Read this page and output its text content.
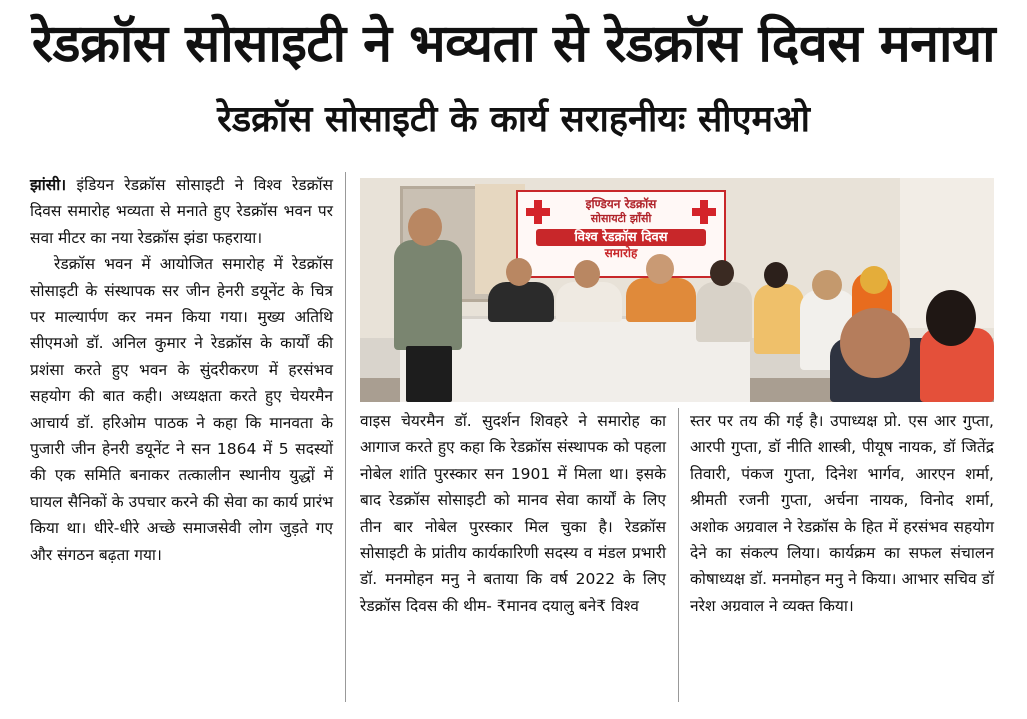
रेडक्रॉस सोसाइटी ने भव्यता से रेडक्रॉस दिवस मनाया
रेडक्रॉस सोसाइटी के कार्य सराहनीयः सीएमओ

झांसी। इंडियन रेडक्रॉस सोसाइटी ने विश्व रेडक्रॉस दिवस समारोह भव्यता से मनाते हुए रेडक्रॉस भवन पर सवा मीटर का नया रेडक्रॉस झंडा फहराया।

रेडक्रॉस भवन में आयोजित समारोह में रेडक्रॉस सोसाइटी के संस्थापक सर जीन हेनरी डयूनेंट के चित्र पर माल्यार्पण कर नमन किया गया। मुख्य अतिथि सीएमओ डॉ. अनिल कुमार ने रेडक्रॉस के कार्यों की प्रशंसा करते हुए भवन के सुंदरीकरण में हरसंभव सहयोग की बात कही। अध्यक्षता करते हुए चेयरमैन आचार्य डॉ. हरिओम पाठक ने कहा कि मानवता के पुजारी जीन हेनरी डयूनेंट ने सन 1864 में 5 सदस्यों की एक समिति बनाकर तत्कालीन स्थानीय युद्धों में घायल सैनिकों के उपचार करने की सेवा का कार्य प्रारंभ किया था। धीरे-धीरे अच्छे समाजसेवी लोग जुड़ते गए और संगठन बढ़ता गया।

इण्डियन रेडक्रॉस
सोसायटी झाँसी
विश्व रेडक्रॉस दिवस
समारोह

वाइस चेयरमैन डॉ. सुदर्शन शिवहरे ने समारोह का आगाज करते हुए कहा कि रेडक्रॉस संस्थापक को पहला नोबेल शांति पुरस्कार सन 1901 में मिला था। इसके बाद रेडक्रॉस सोसाइटी को मानव सेवा कार्यों के लिए तीन बार नोबेल पुरस्कार मिल चुका है। रेडक्रॉस सोसाइटी के प्रांतीय कार्यकारिणी सदस्य व मंडल प्रभारी डॉ. मनमोहन मनु ने बताया कि वर्ष 2022 के लिए रेडक्रॉस दिवस की थीम- ₹मानव दयालु बने₹ विश्व

स्तर पर तय की गई है। उपाध्यक्ष प्रो. एस आर गुप्ता, आरपी गुप्ता, डॉ नीति शास्त्री, पीयूष नायक, डॉ जितेंद्र तिवारी, पंकज गुप्ता, दिनेश भार्गव, आरएन शर्मा, श्रीमती रजनी गुप्ता, अर्चना नायक, विनोद शर्मा, अशोक अग्रवाल ने रेडक्रॉस के हित में हरसंभव सहयोग देने का संकल्प लिया। कार्यक्रम का सफल संचालन कोषाध्यक्ष डॉ. मनमोहन मनु ने किया। आभार सचिव डॉ नरेश अग्रवाल ने व्यक्त किया।
